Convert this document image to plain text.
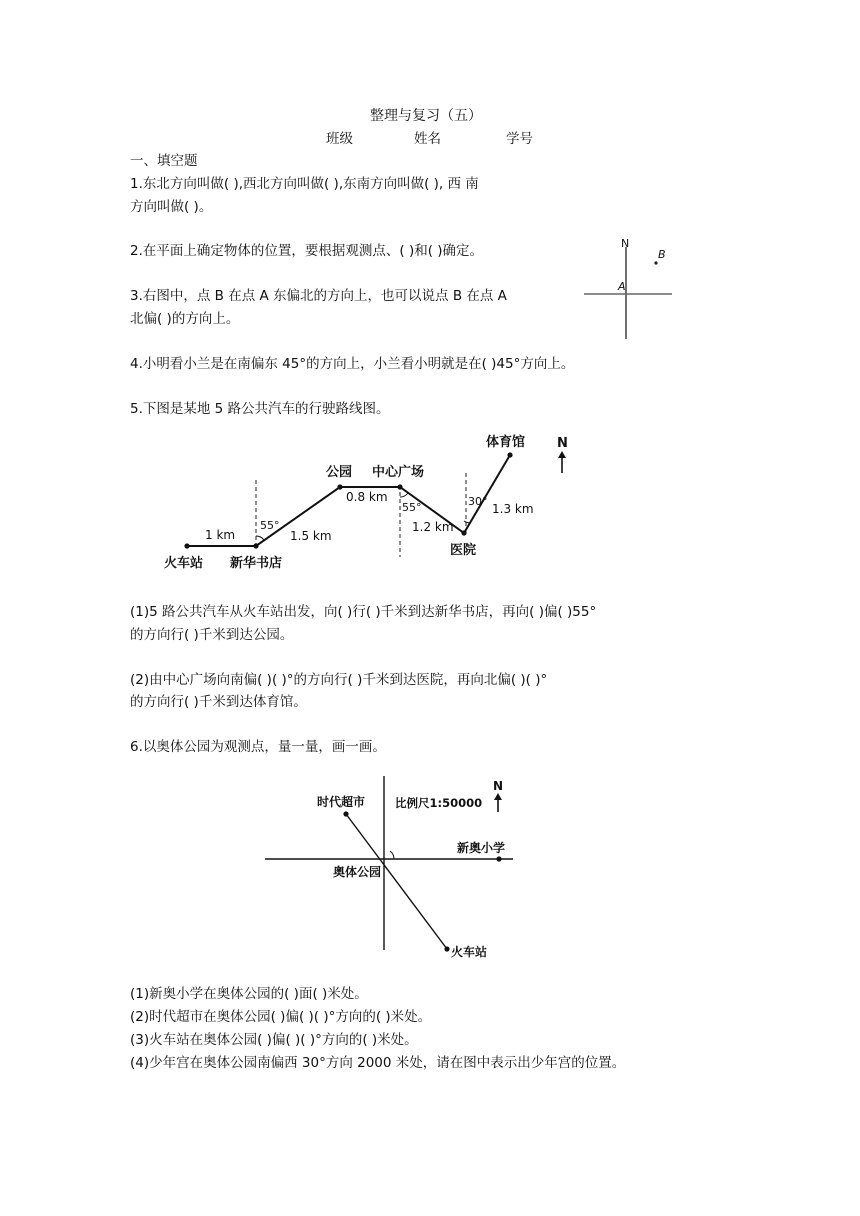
整理与复习（五）
班级	姓名	学号
一、填空题
1.东北方向叫做( ),西北方向叫做( ),东南方向叫做( ), 西 南
方向叫做( )。
2.在平面上确定物体的位置，要根据观测点、( )和( )确定。
3.右图中，点 B 在点 A 东偏北的方向上，也可以说点 B 在点 A
北偏( )的方向上。
N
A
B
4.小明看小兰是在南偏东 45°的方向上，小兰看小明就是在( )45°方向上。
5.下图是某地 5 路公共汽车的行驶路线图。
火车站 新华书店
公园 中心广场
医院
体育馆
1 km	1.5 km
0.8 km
1.2 km
1.3 km
55°
55°	30°
N
(1)5 路公共汽车从火车站出发，向( )行( )千米到达新华书店，再向( )偏( )55°
的方向行( )千米到达公园。
(2)由中心广场向南偏( )( )°的方向行( )千米到达医院，再向北偏( )( )°
的方向行( )千米到达体育馆。
6.以奥体公园为观测点，量一量，画一画。
时代超市	比例尺1:50000
新奥小学
奥体公园
火车站
N
(1)新奥小学在奥体公园的( )面( )米处。
(2)时代超市在奥体公园( )偏( )( )°方向的( )米处。
(3)火车站在奥体公园( )偏( )( )°方向的( )米处。
(4)少年宫在奥体公园南偏西 30°方向 2000 米处，请在图中表示出少年宫的位置。
